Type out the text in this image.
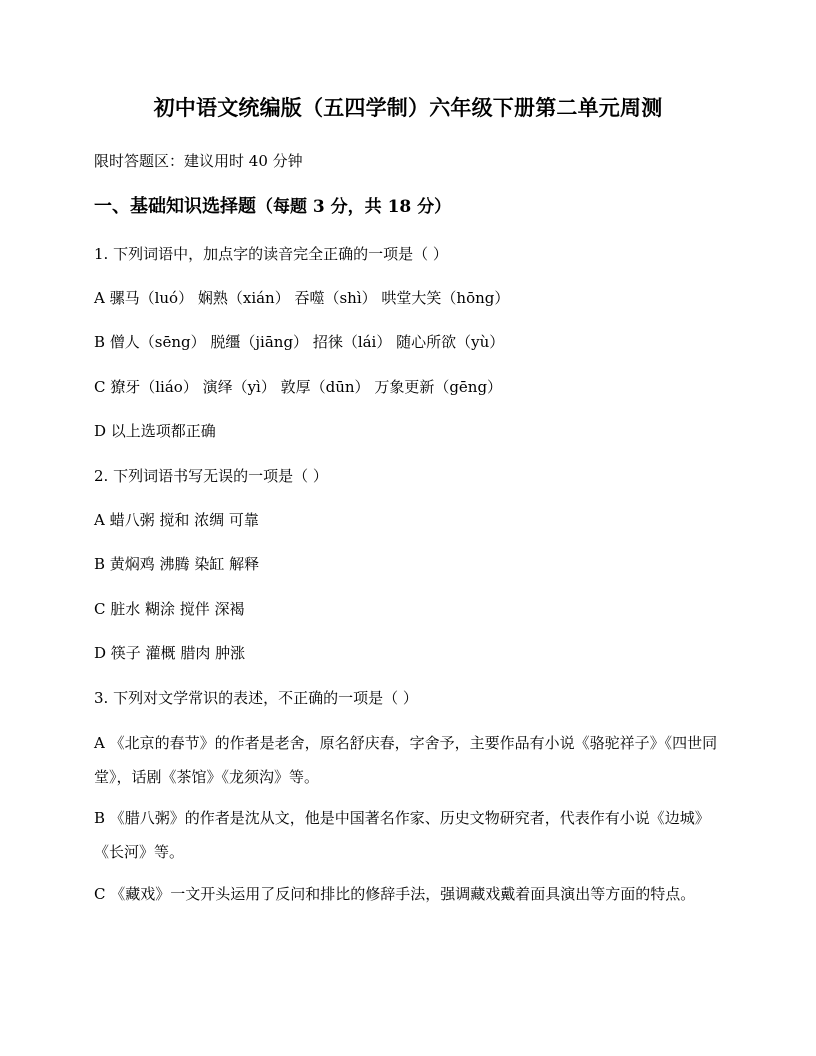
初中语文统编版（五四学制）六年级下册第二单元周测
限时答题区：建议用时 40 分钟
一、基础知识选择题（每题 3 分，共 18 分）
1. 下列词语中，加点字的读音完全正确的一项是（ ）
A 骡马（luó） 娴熟（xián） 吞噬（shì） 哄堂大笑（hōng）
B 僧人（sēng） 脱缰（jiāng） 招徕（lái） 随心所欲（yù）
C 獠牙（liáo） 演绎（yì） 敦厚（dūn） 万象更新（gēng）
D 以上选项都正确
2. 下列词语书写无误的一项是（ ）
A 蜡八粥 搅和 浓绸 可靠
B 黄焖鸡 沸腾 染缸 解释
C 脏水 糊涂 搅伴 深褐
D 筷子 灌概 腊肉 肿涨
3. 下列对文学常识的表述，不正确的一项是（ ）
A 《北京的春节》的作者是老舍，原名舒庆春，字舍予，主要作品有小说《骆驼祥子》《四世同堂》，话剧《茶馆》《龙须沟》等。
B 《腊八粥》的作者是沈从文，他是中国著名作家、历史文物研究者，代表作有小说《边城》《长河》等。
C 《藏戏》一文开头运用了反问和排比的修辞手法，强调藏戏戴着面具演出等方面的特点。
